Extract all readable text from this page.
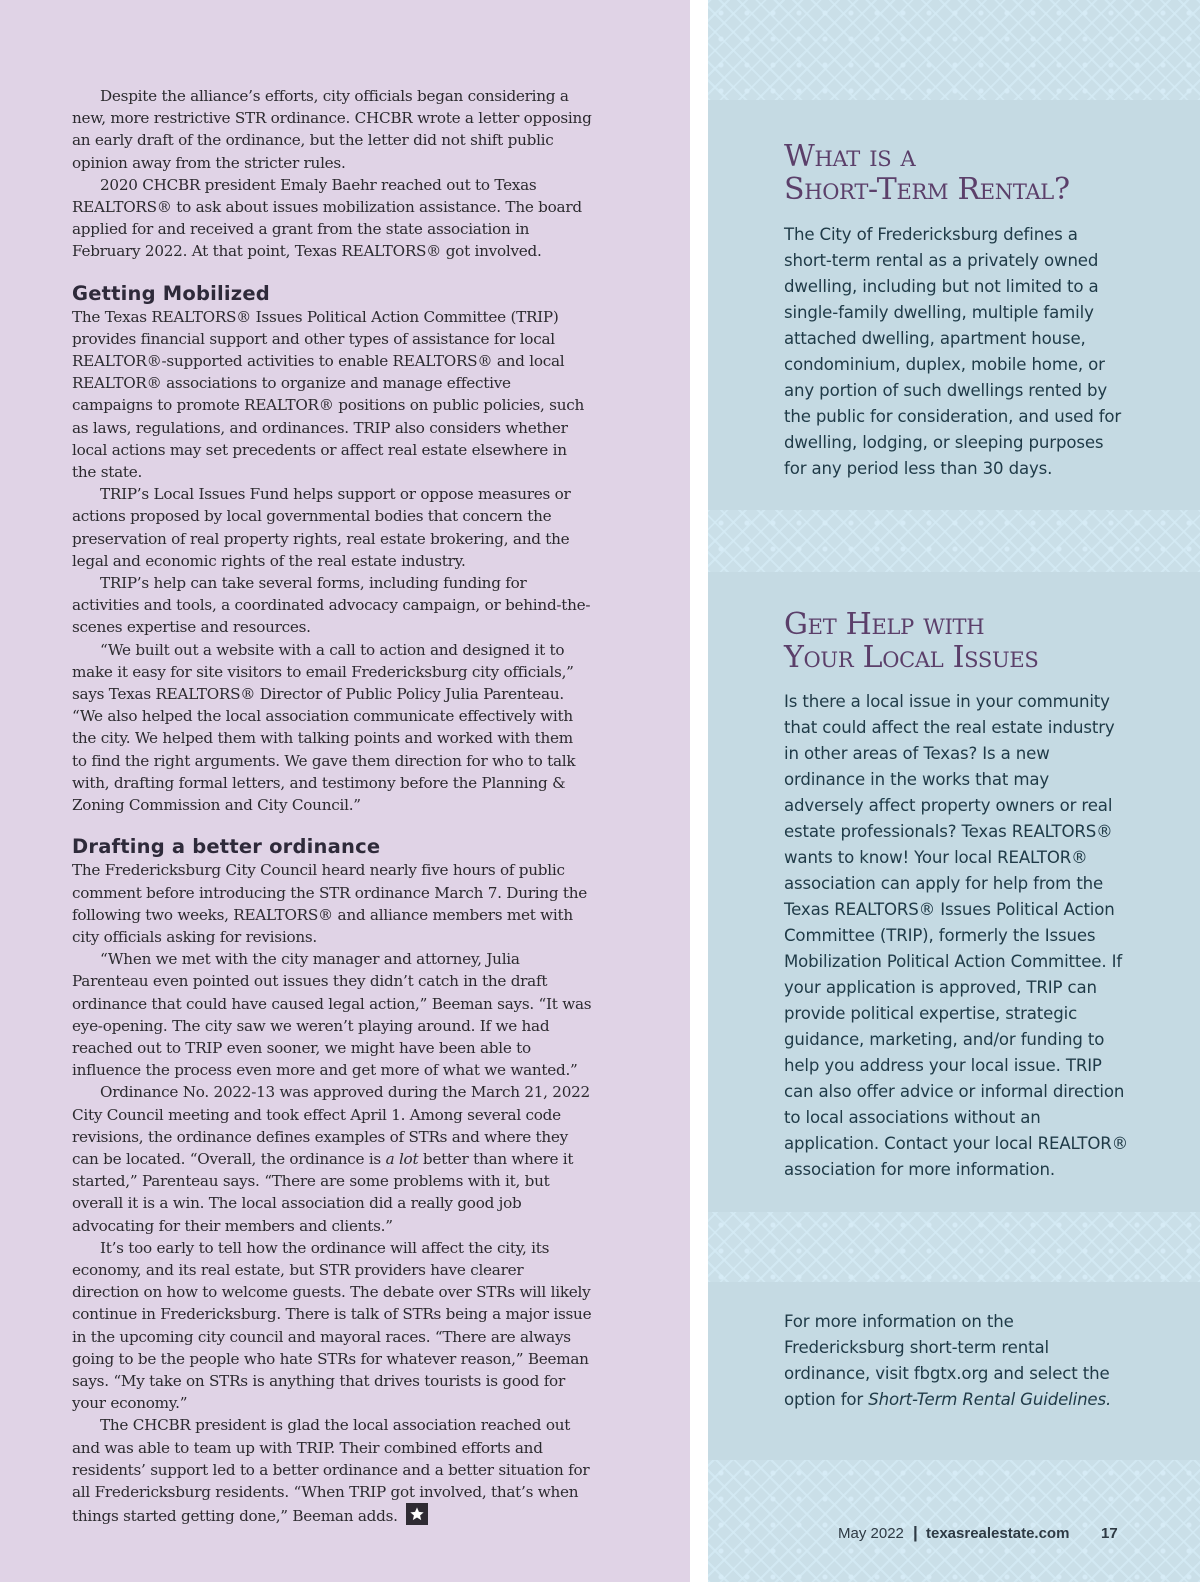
Despite the alliance’s efforts, city officials began considering a new, more restrictive STR ordinance. CHCBR wrote a letter opposing an early draft of the ordinance, but the letter did not shift public opinion away from the stricter rules.

2020 CHCBR president Emaly Baehr reached out to Texas REALTORS® to ask about issues mobilization assistance. The board applied for and received a grant from the state association in February 2022. At that point, Texas REALTORS® got involved.

Getting Mobilized

The Texas REALTORS® Issues Political Action Committee (TRIP) provides financial support and other types of assistance for local REALTOR®-supported activities to enable REALTORS® and local REALTOR® associations to organize and manage effective campaigns to promote REALTOR® positions on public policies, such as laws, regulations, and ordinances. TRIP also considers whether local actions may set precedents or affect real estate elsewhere in the state.

TRIP’s Local Issues Fund helps support or oppose measures or actions proposed by local governmental bodies that concern the preservation of real property rights, real estate brokering, and the legal and economic rights of the real estate industry.

TRIP’s help can take several forms, including funding for activities and tools, a coordinated advocacy campaign, or behind-the-scenes expertise and resources.

“We built out a website with a call to action and designed it to make it easy for site visitors to email Fredericksburg city officials,” says Texas REALTORS® Director of Public Policy Julia Parenteau. “We also helped the local association communicate effectively with the city. We helped them with talking points and worked with them to find the right arguments. We gave them direction for who to talk with, drafting formal letters, and testimony before the Planning & Zoning Commission and City Council.”

Drafting a better ordinance

The Fredericksburg City Council heard nearly five hours of public comment before introducing the STR ordinance March 7. During the following two weeks, REALTORS® and alliance members met with city officials asking for revisions.

“When we met with the city manager and attorney, Julia Parenteau even pointed out issues they didn’t catch in the draft ordinance that could have caused legal action,” Beeman says. “It was eye-opening. The city saw we weren’t playing around. If we had reached out to TRIP even sooner, we might have been able to influence the process even more and get more of what we wanted.”

Ordinance No. 2022-13 was approved during the March 21, 2022 City Council meeting and took effect April 1. Among several code revisions, the ordinance defines examples of STRs and where they can be located. “Overall, the ordinance is a lot better than where it started,” Parenteau says. “There are some problems with it, but overall it is a win. The local association did a really good job advocating for their members and clients.”

It’s too early to tell how the ordinance will affect the city, its economy, and its real estate, but STR providers have clearer direction on how to welcome guests. The debate over STRs will likely continue in Fredericksburg. There is talk of STRs being a major issue in the upcoming city council and mayoral races. “There are always going to be the people who hate STRs for whatever reason,” Beeman says. “My take on STRs is anything that drives tourists is good for your economy.”

The CHCBR president is glad the local association reached out and was able to team up with TRIP. Their combined efforts and residents’ support led to a better ordinance and a better situation for all Fredericksburg residents. “When TRIP got involved, that’s when things started getting done,” Beeman adds.

What is a
Short-Term Rental?
The City of Fredericksburg defines a short-term rental as a privately owned dwelling, including but not limited to a single-family dwelling, multiple family attached dwelling, apartment house, condominium, duplex, mobile home, or any portion of such dwellings rented by the public for consideration, and used for dwelling, lodging, or sleeping purposes for any period less than 30 days.
Get Help with
Your Local Issues
Is there a local issue in your community that could affect the real estate industry in other areas of Texas? Is a new ordinance in the works that may adversely affect property owners or real estate professionals? Texas REALTORS® wants to know! Your local REALTOR® association can apply for help from the Texas REALTORS® Issues Political Action Committee (TRIP), formerly the Issues Mobilization Political Action Committee. If your application is approved, TRIP can provide political expertise, strategic guidance, marketing, and/or funding to help you address your local issue. TRIP can also offer advice or informal direction to local associations without an application. Contact your local REALTOR® association for more information.
For more information on the Fredericksburg short-term rental ordinance, visit fbgtx.org and select the option for Short-Term Rental Guidelines.
May 2022 | texasrealestate.com 17
